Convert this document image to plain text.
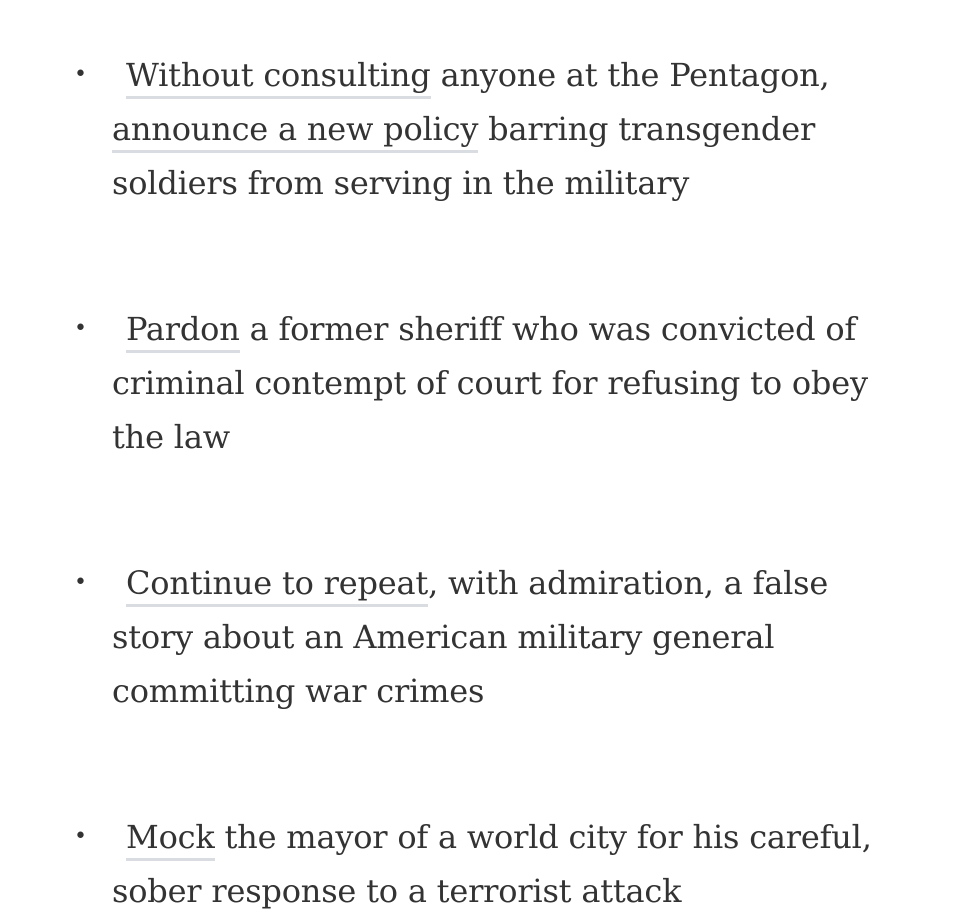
• Without consulting anyone at the Pentagon, announce a new policy barring transgender soldiers from serving in the military
• Pardon a former sheriff who was convicted of criminal contempt of court for refusing to obey the law
• Continue to repeat, with admiration, a false story about an American military general committing war crimes
• Mock the mayor of a world city for his careful, sober response to a terrorist attack
